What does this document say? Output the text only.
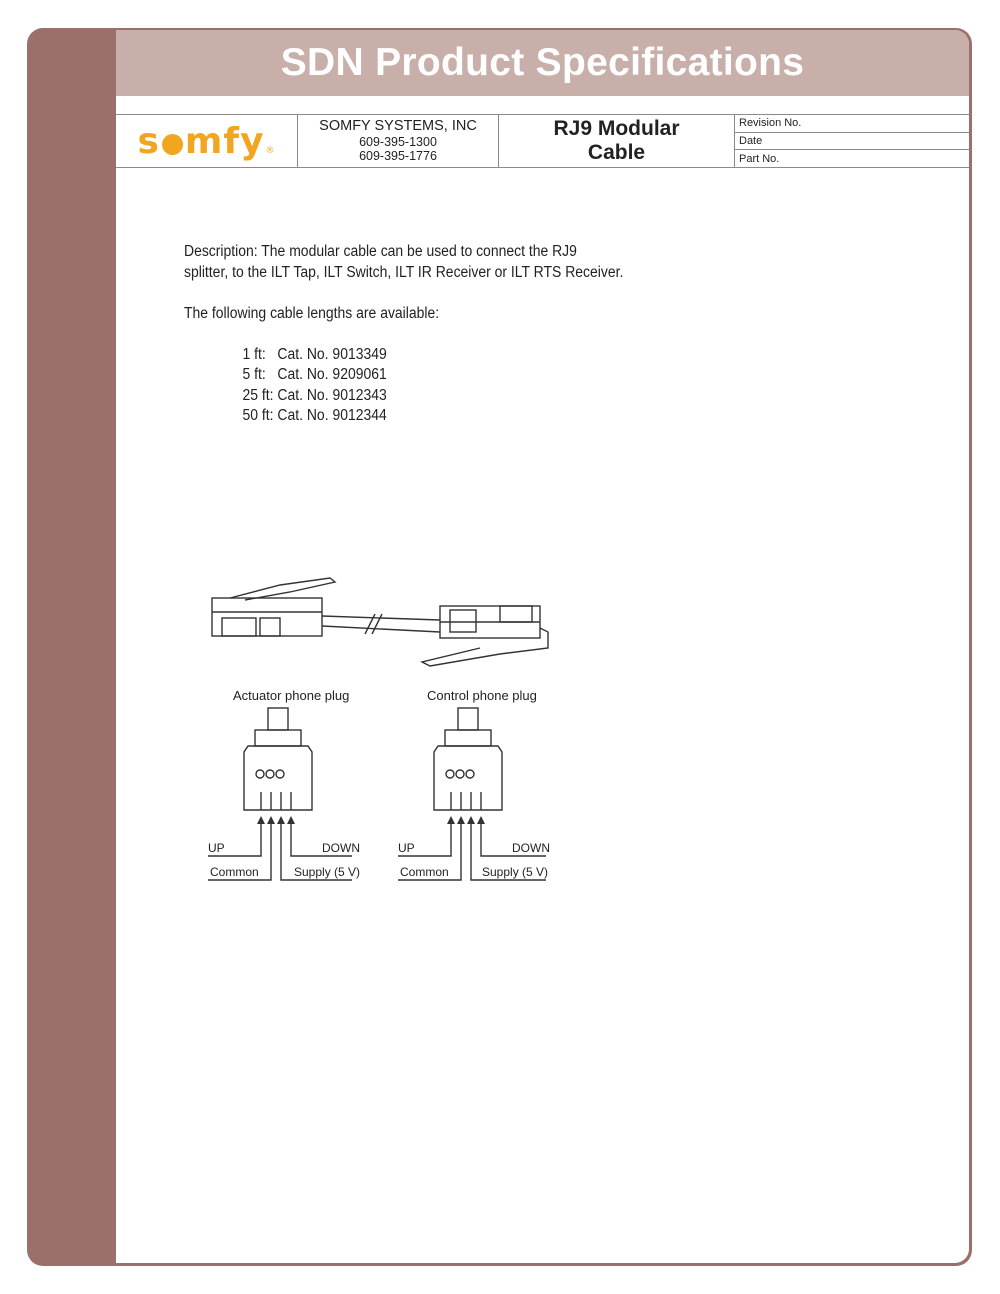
SDN Product Specifications
s mfy ®
SOMFY SYSTEMS, INC
609-395-1300
609-395-1776
RJ9 Modular
Cable
Revision No.
Date
Part No.

Description: The modular cable can be used to connect the RJ9

splitter, to the ILT Tap, ILT Switch, ILT IR Receiver or ILT RTS Receiver.

The following cable lengths are available:

1 ft:   Cat. No. 9013349

5 ft:   Cat. No. 9209061

25 ft: Cat. No. 9012343

50 ft: Cat. No. 9012344

Actuator phone plug	Control phone plug
UP
Common
DOWN
Supply (5 V)
UP
Common
DOWN
Supply (5 V)
